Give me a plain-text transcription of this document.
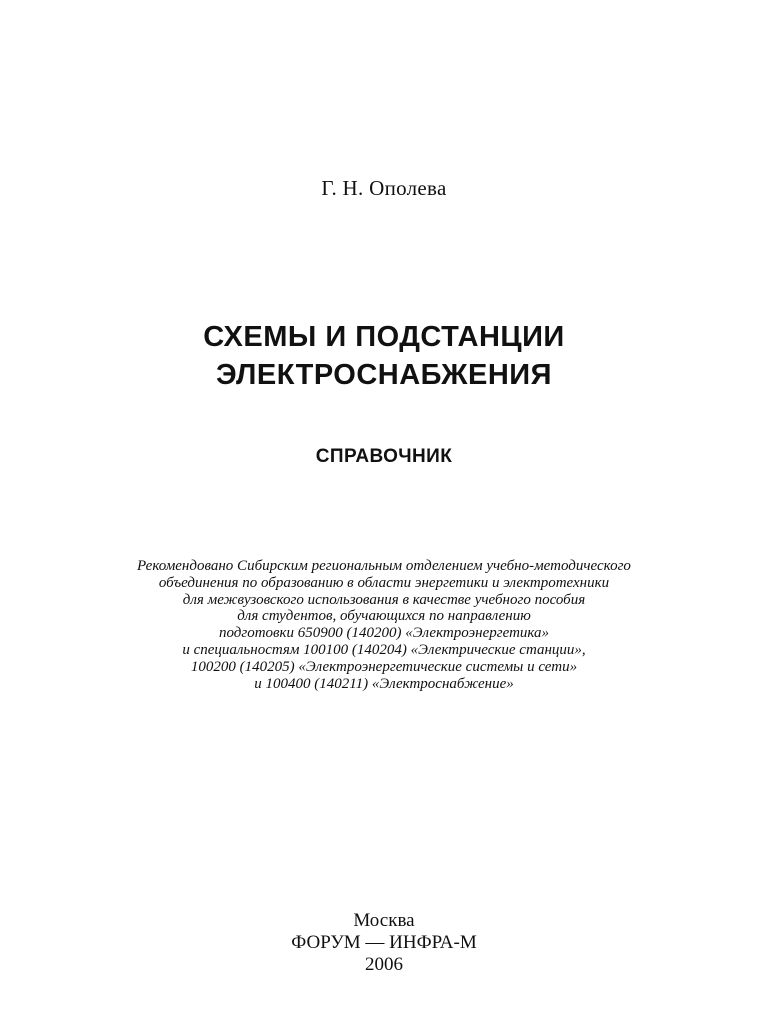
Г. Н. Ополева
СХЕМЫ И ПОДСТАНЦИИ
ЭЛЕКТРОСНАБЖЕНИЯ
СПРАВОЧНИК
Рекомендовано Сибирским региональным отделением учебно-методического
объединения по образованию в области энергетики и электротехники
для межвузовского использования в качестве учебного пособия
для студентов, обучающихся по направлению
подготовки 650900 (140200) «Электроэнергетика»
и специальностям 100100 (140204) «Электрические станции»,
100200 (140205) «Электроэнергетические системы и сети»
и 100400 (140211) «Электроснабжение»
Москва
ФОРУМ — ИНФРА-М
2006
